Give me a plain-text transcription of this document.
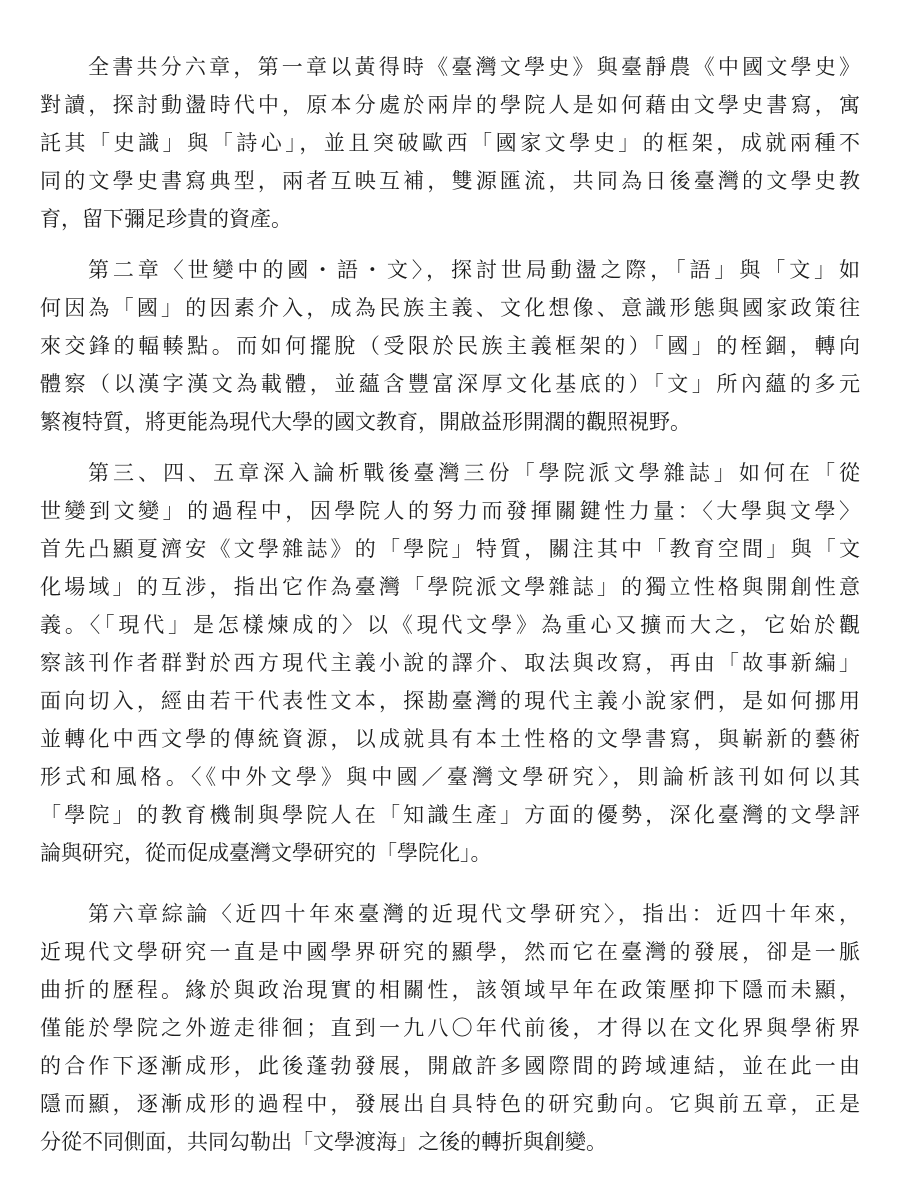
全書共分六章，第一章以黃得時《臺灣文學史》與臺靜農《中國文學史》
對讀，探討動盪時代中，原本分處於兩岸的學院人是如何藉由文學史書寫，寓
託其「史識」與「詩心」，並且突破歐西「國家文學史」的框架，成就兩種不
同的文學史書寫典型，兩者互映互補，雙源匯流，共同為日後臺灣的文學史教
育，留下彌足珍貴的資產。
第二章〈世變中的國・語・文〉，探討世局動盪之際，「語」與「文」如
何因為「國」的因素介入，成為民族主義、文化想像、意識形態與國家政策往
來交鋒的輻輳點。而如何擺脫（受限於民族主義框架的）「國」的桎錮，轉向
體察（以漢字漢文為載體，並蘊含豐富深厚文化基底的）「文」所內蘊的多元
繁複特質，將更能為現代大學的國文教育，開啟益形開濶的觀照視野。
第三、四、五章深入論析戰後臺灣三份「學院派文學雜誌」如何在「從
世變到文變」的過程中，因學院人的努力而發揮關鍵性力量：〈大學與文學〉
首先凸顯夏濟安《文學雜誌》的「學院」特質，關注其中「教育空間」與「文
化場域」的互涉，指出它作為臺灣「學院派文學雜誌」的獨立性格與開創性意
義。〈「現代」是怎樣煉成的〉以《現代文學》為重心又擴而大之，它始於觀
察該刊作者群對於西方現代主義小說的譯介、取法與改寫，再由「故事新編」
面向切入，經由若干代表性文本，探勘臺灣的現代主義小說家們，是如何挪用
並轉化中西文學的傳統資源，以成就具有本土性格的文學書寫，與嶄新的藝術
形式和風格。〈《中外文學》與中國／臺灣文學研究〉，則論析該刊如何以其
「學院」的教育機制與學院人在「知識生產」方面的優勢，深化臺灣的文學評
論與研究，從而促成臺灣文學研究的「學院化」。
第六章綜論〈近四十年來臺灣的近現代文學研究〉，指出：近四十年來，
近現代文學研究一直是中國學界研究的顯學，然而它在臺灣的發展，卻是一脈
曲折的歷程。緣於與政治現實的相關性，該領域早年在政策壓抑下隱而未顯，
僅能於學院之外遊走徘徊；直到一九八〇年代前後，才得以在文化界與學術界
的合作下逐漸成形，此後蓬勃發展，開啟許多國際間的跨域連結，並在此一由
隱而顯，逐漸成形的過程中，發展出自具特色的研究動向。它與前五章，正是
分從不同側面，共同勾勒出「文學渡海」之後的轉折與創變。
